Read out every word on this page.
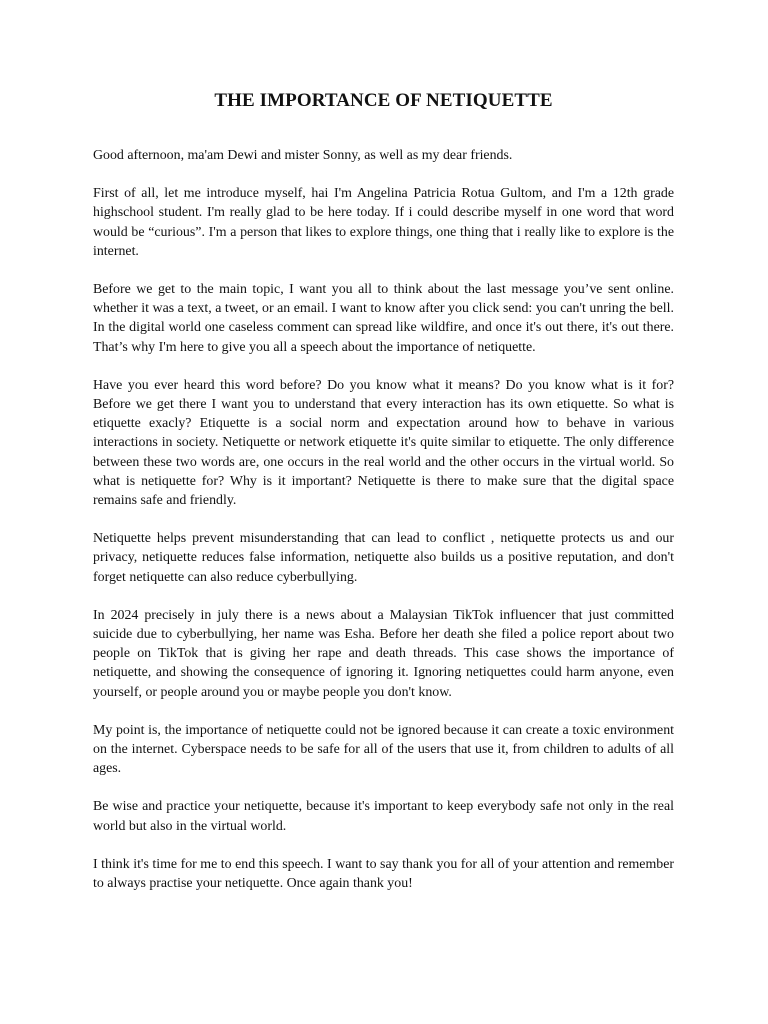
THE IMPORTANCE OF NETIQUETTE

Good afternoon, ma'am Dewi and mister Sonny, as well as my dear friends.

First of all, let me introduce myself, hai I'm Angelina Patricia Rotua Gultom, and I'm a 12th grade highschool student. I'm really glad to be here today. If i could describe myself in one word that word would be “curious”. I'm a person that likes to explore things, one thing that i really like to explore is the internet.

Before we get to the main topic, I want you all to think about the last message you’ve sent online. whether it was a text, a tweet, or an email. I want to know after you click send: you can't unring the bell. In the digital world one caseless comment can spread like wildfire, and once it's out there, it's out there. That’s why I'm here to give you all a speech about the importance of netiquette.

Have you ever heard this word before? Do you know what it means? Do you know what is it for? Before we get there I want you to understand that every interaction has its own etiquette. So what is etiquette exacly? Etiquette is a social norm and expectation around how to behave in various interactions in society. Netiquette or network etiquette it's quite similar to etiquette. The only difference between these two words are, one occurs in the real world and the other occurs in the virtual world. So what is netiquette for? Why is it important? Netiquette is there to make sure that the digital space remains safe and friendly.

Netiquette helps prevent misunderstanding that can lead to conflict , netiquette protects us and our privacy, netiquette reduces false information, netiquette also builds us a positive reputation, and don't forget netiquette can also reduce cyberbullying.

In 2024 precisely in july there is a news about a Malaysian TikTok influencer that just committed suicide due to cyberbullying, her name was Esha. Before her death she filed a police report about two people on TikTok that is giving her rape and death threads. This case shows the importance of netiquette, and showing the consequence of ignoring it. Ignoring netiquettes could harm anyone, even yourself, or people around you or maybe people you don't know.

My point is, the importance of netiquette could not be ignored because it can create a toxic environment on the internet. Cyberspace needs to be safe for all of the users that use it, from children to adults of all ages.

Be wise and practice your netiquette, because it's important to keep everybody safe not only in the real world but also in the virtual world.

I think it's time for me to end this speech. I want to say thank you for all of your attention and remember to always practise your netiquette. Once again thank you!
